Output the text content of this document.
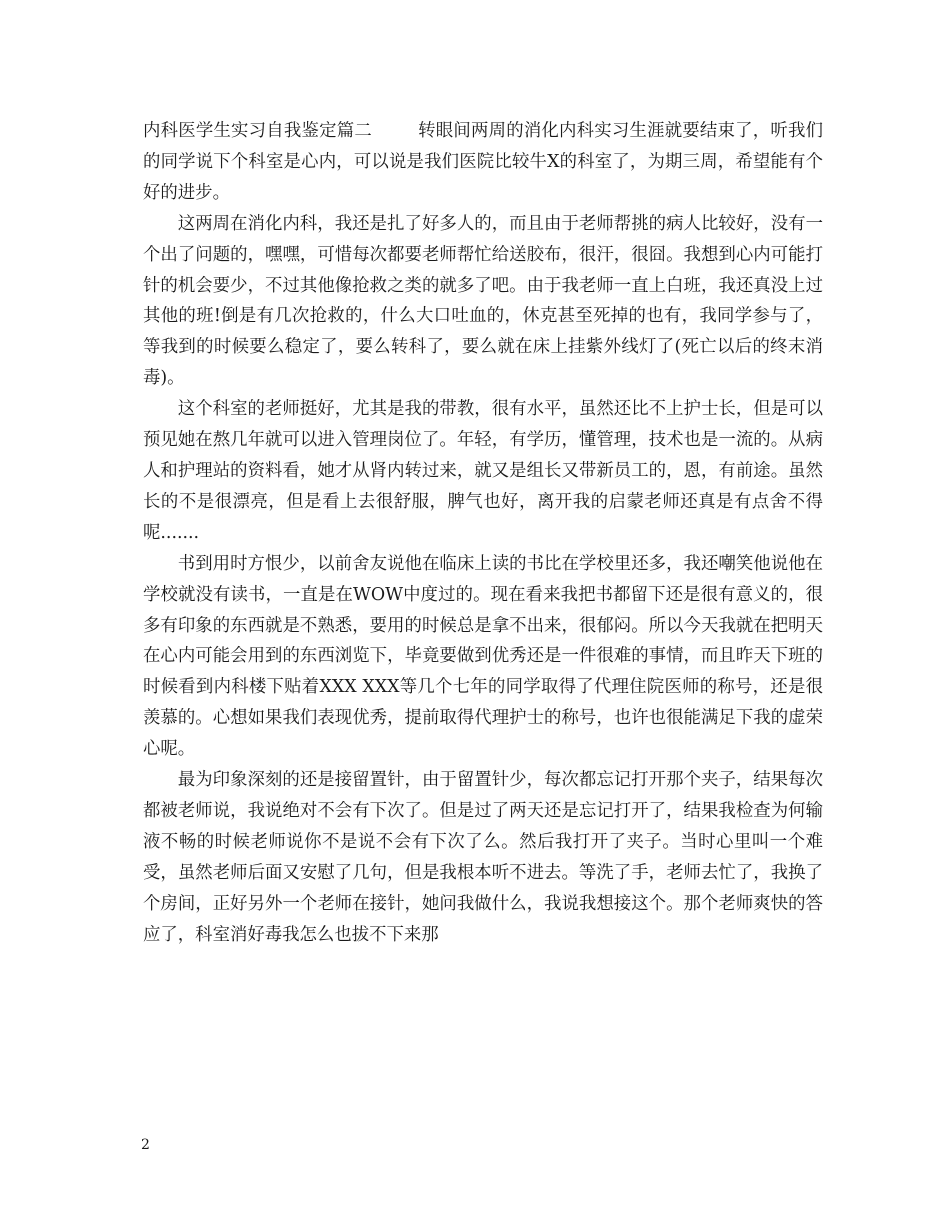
内科医学生实习自我鉴定篇二	转眼间两周的消化内科实习生涯就要结束了，听我们的同学说下个科室是心内，可以说是我们医院比较牛X的科室了，为期三周，希望能有个好的进步。

这两周在消化内科，我还是扎了好多人的，而且由于老师帮挑的病人比较好，没有一个出了问题的，嘿嘿，可惜每次都要老师帮忙给送胶布，很汗，很囧。我想到心内可能打针的机会要少，不过其他像抢救之类的就多了吧。由于我老师一直上白班，我还真没上过其他的班!倒是有几次抢救的，什么大口吐血的，休克甚至死掉的也有，我同学参与了，等我到的时候要么稳定了，要么转科了，要么就在床上挂紫外线灯了(死亡以后的终末消毒)。

这个科室的老师挺好，尤其是我的带教，很有水平，虽然还比不上护士长，但是可以预见她在熬几年就可以进入管理岗位了。年轻，有学历，懂管理，技术也是一流的。从病人和护理站的资料看，她才从肾内转过来，就又是组长又带新员工的，恩，有前途。虽然长的不是很漂亮，但是看上去很舒服，脾气也好，离开我的启蒙老师还真是有点舍不得呢.......

书到用时方恨少，以前舍友说他在临床上读的书比在学校里还多，我还嘲笑他说他在学校就没有读书，一直是在WOW中度过的。现在看来我把书都留下还是很有意义的，很多有印象的东西就是不熟悉，要用的时候总是拿不出来，很郁闷。所以今天我就在把明天在心内可能会用到的东西浏览下，毕竟要做到优秀还是一件很难的事情，而且昨天下班的时候看到内科楼下贴着XXX XXX等几个七年的同学取得了代理住院医师的称号，还是很羡慕的。心想如果我们表现优秀，提前取得代理护士的称号，也许也很能满足下我的虚荣心呢。

最为印象深刻的还是接留置针，由于留置针少，每次都忘记打开那个夹子，结果每次都被老师说，我说绝对不会有下次了。但是过了两天还是忘记打开了，结果我检查为何输液不畅的时候老师说你不是说不会有下次了么。然后我打开了夹子。当时心里叫一个难受，虽然老师后面又安慰了几句，但是我根本听不进去。等洗了手，老师去忙了，我换了个房间，正好另外一个老师在接针，她问我做什么，我说我想接这个。那个老师爽快的答应了，科室消好毒我怎么也拔不下来那

2
